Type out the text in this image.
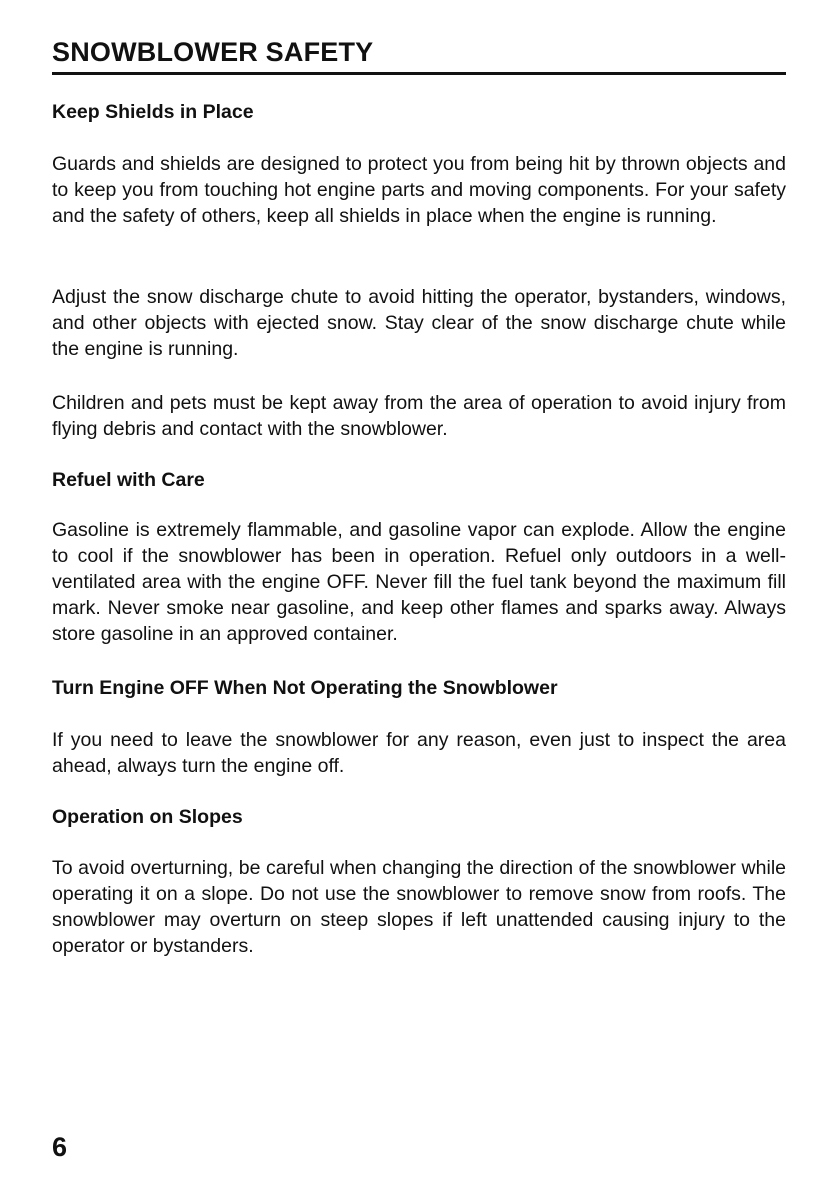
SNOWBLOWER SAFETY
Keep Shields in Place

Guards and shields are designed to protect you from being hit by thrown objects and to keep you from touching hot engine parts and moving components. For your safety and the safety of others, keep all shields in place when the engine is running.

Adjust the snow discharge chute to avoid hitting the operator, bystanders, windows, and other objects with ejected snow. Stay clear of the snow discharge chute while the engine is running.

Children and pets must be kept away from the area of operation to avoid injury from flying debris and contact with the snowblower.

Refuel with Care

Gasoline is extremely flammable, and gasoline vapor can explode. Allow the engine to cool if the snowblower has been in operation. Refuel only outdoors in a well-ventilated area with the engine OFF. Never fill the fuel tank beyond the maximum fill mark. Never smoke near gasoline, and keep other flames and sparks away. Always store gasoline in an approved container.

Turn Engine OFF When Not Operating the Snowblower

If you need to leave the snowblower for any reason, even just to inspect the area ahead, always turn the engine off.

Operation on Slopes

To avoid overturning, be careful when changing the direction of the snowblower while operating it on a slope. Do not use the snowblower to remove snow from roofs. The snowblower may overturn on steep slopes if left unattended causing injury to the operator or bystanders.

6
